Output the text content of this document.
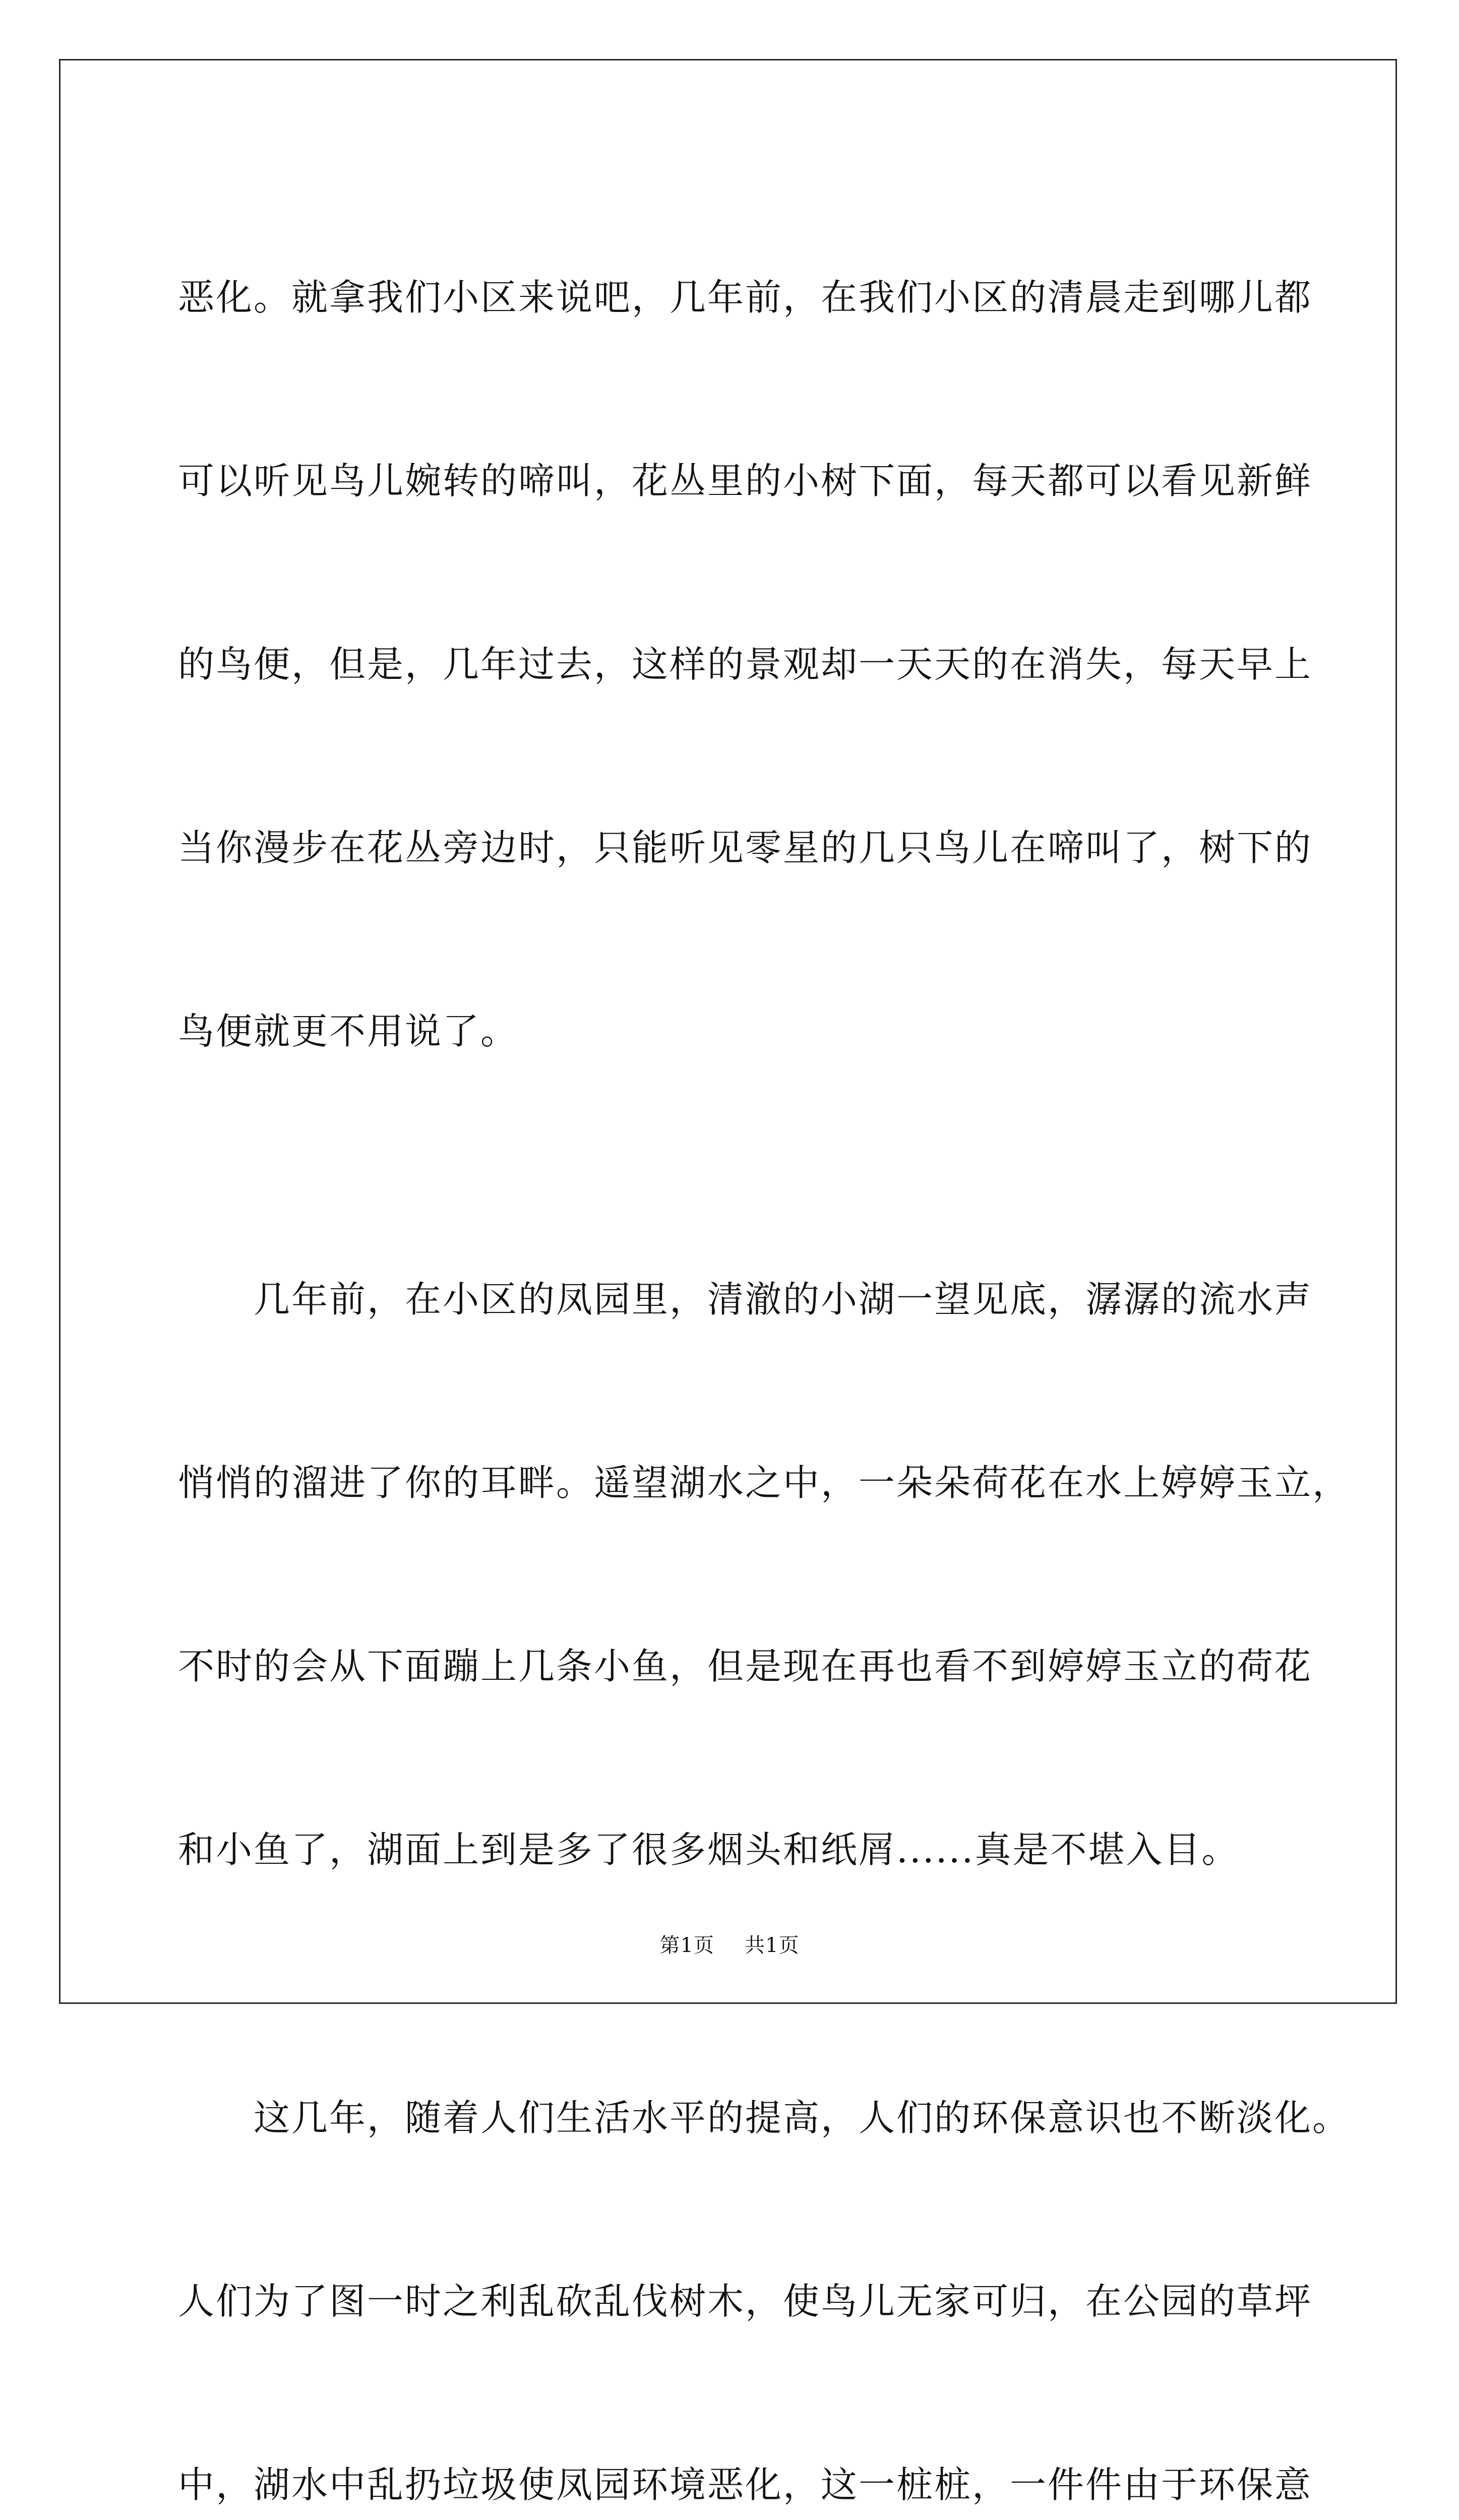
恶化。就拿我们小区来说吧，几年前，在我们小区的清晨走到哪儿都

可以听见鸟儿婉转的啼叫，花丛里的小树下面，每天都可以看见新鲜

的鸟便，但是，几年过去，这样的景观却一天天的在消失，每天早上

当你漫步在花丛旁边时，只能听见零星的几只鸟儿在啼叫了，树下的

鸟便就更不用说了。

几年前，在小区的凤园里，清澈的小湖一望见底，潺潺的流水声

悄悄的溜进了你的耳畔。遥望湖水之中，一朵朵荷花在水上婷婷玉立，

不时的会从下面蹦上几条小鱼，但是现在再也看不到婷婷玉立的荷花

和小鱼了，湖面上到是多了很多烟头和纸屑......真是不堪入目。

这几年，随着人们生活水平的提高，人们的环保意识也不断淡化。

人们为了图一时之利乱砍乱伐树木，使鸟儿无家可归，在公园的草坪

中，湖水中乱扔垃圾使凤园环境恶化，这一桩桩，一件件由于环保意

第1页 共1页
